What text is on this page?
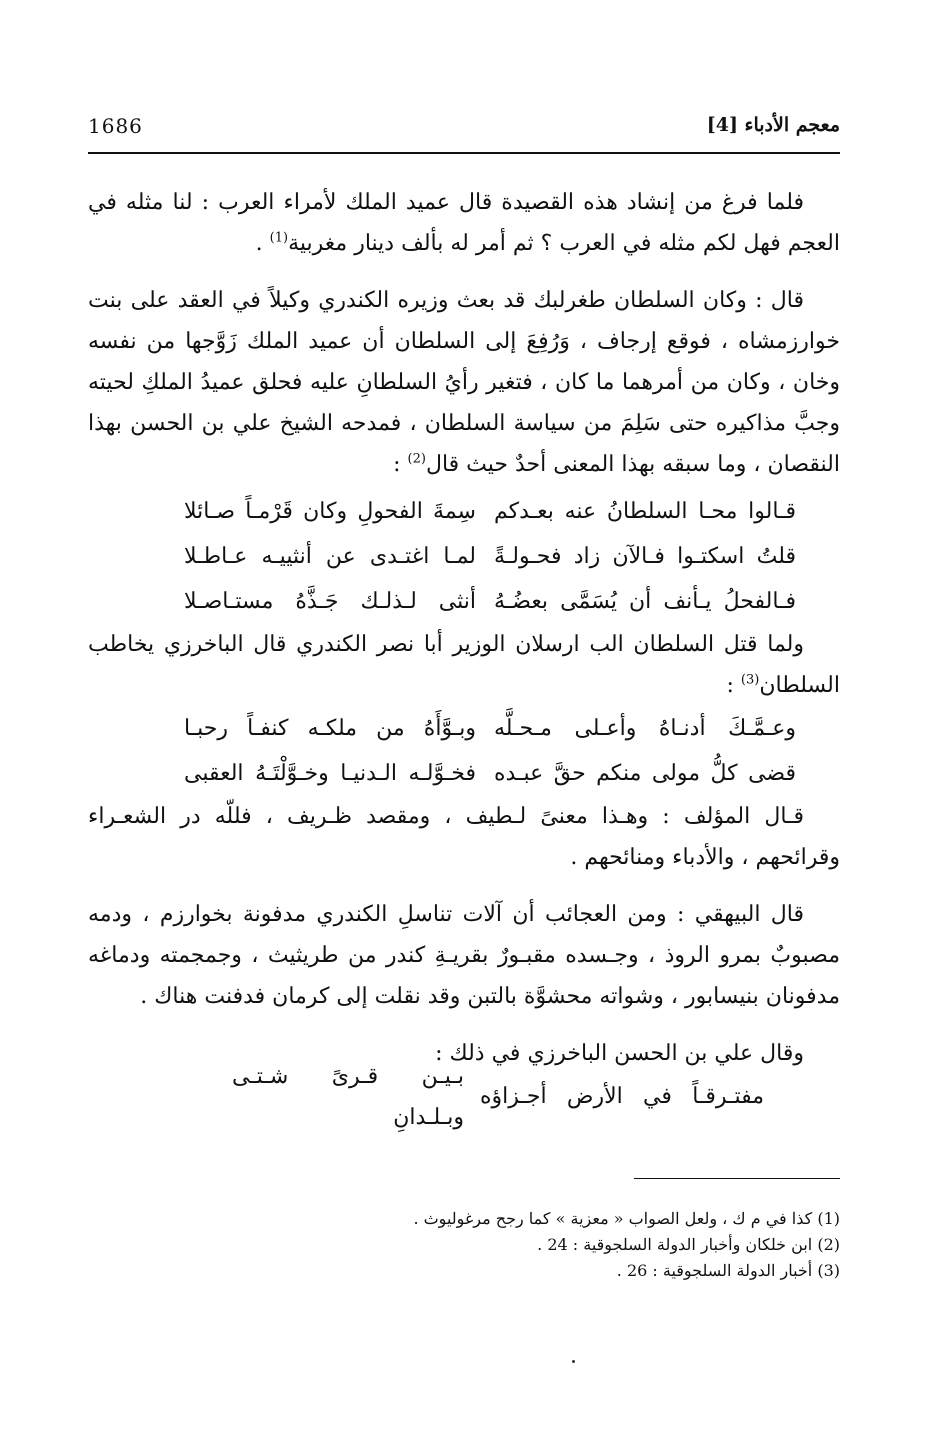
معجم الأدباء [4]
1686

فلما فرغ من إنشاد هذه القصيدة قال عميد الملك لأمراء العرب : لنا مثله في العجم فهل لكم مثله في العرب ؟ ثم أمر له بألف دينار مغربية$^{(1)}$ .

قال : وكان السلطان طغرلبك قد بعث وزيره الكندري وكيلاً في العقد على بنت خوارزمشاه ، فوقع إرجاف ، وَرُفِعَ إلى السلطان أن عميد الملك زَوَّجها من نفسه وخان ، وكان من أمرهما ما كان ، فتغير رأيُ السلطانِ عليه فحلق عميدُ الملكِ لحيته وجبَّ مذاكيره حتى سَلِمَ من سياسة السلطان ، فمدحه الشيخ علي بن الحسن بهذا النقصان ، وما سبقه بهذا المعنى أحدٌ حيث قال$^{(2)}$ :

قـالوا محـا السلطانُ عنه بعـدكم
سِمةَ الفحولِ وكان قَرْمـاً صـائلا
قلتُ اسكتـوا فـالآن زاد فحـولـةً
لمـا اغتـدى عن أنثييـه عـاطـلا
فـالفحلُ يـأنف أن يُسَمَّى بعضُـهُ
أنثى لـذلـك جَـذَّهُ مستـاصـلا

ولما قتل السلطان الب ارسلان الوزير أبا نصر الكندري قال الباخرزي يخاطب السلطان$^{(3)}$ :

وعـمَّـكَ أدنـاهُ وأعـلى مـحـلَّه
وبـوَّأَهُ من ملكـه كنفـاً رحبـا
قضى كلُّ مولى منكم حقَّ عبـده
فخـوَّلـه الـدنيـا وخـوَّلْتَـهُ العقبى

قـال المؤلف : وهـذا معنىً لـطيف ، ومقصد ظـريف ، فللّه در الشعـراء وقرائحهم ، والأدباء ومنائحهم .

قال البيهقي : ومن العجائب أن آلات تناسلِ الكندري مدفونة بخوارزم ، ودمه مصبوبٌ بمرو الروذ ، وجـسده مقبـورٌ بقريـةِ كندر من طريثيث ، وجمجمته ودماغه مدفونان بنيسابور ، وشواته محشوَّة بالتبن وقد نقلت إلى كرمان فدفنت هناك .

وقال علي بن الحسن الباخرزي في ذلك :

مفتـرقـاً في الأرض أجـزاؤه
بـيـن قـرىً شـتـى وبـلـدانِ
(1) كذا في م ك ، ولعل الصواب « معزية » كما رجح مرغوليوث .
(2) ابن خلكان وأخبار الدولة السلجوقية : 24 .
(3) أخبار الدولة السلجوقية : 26 .
